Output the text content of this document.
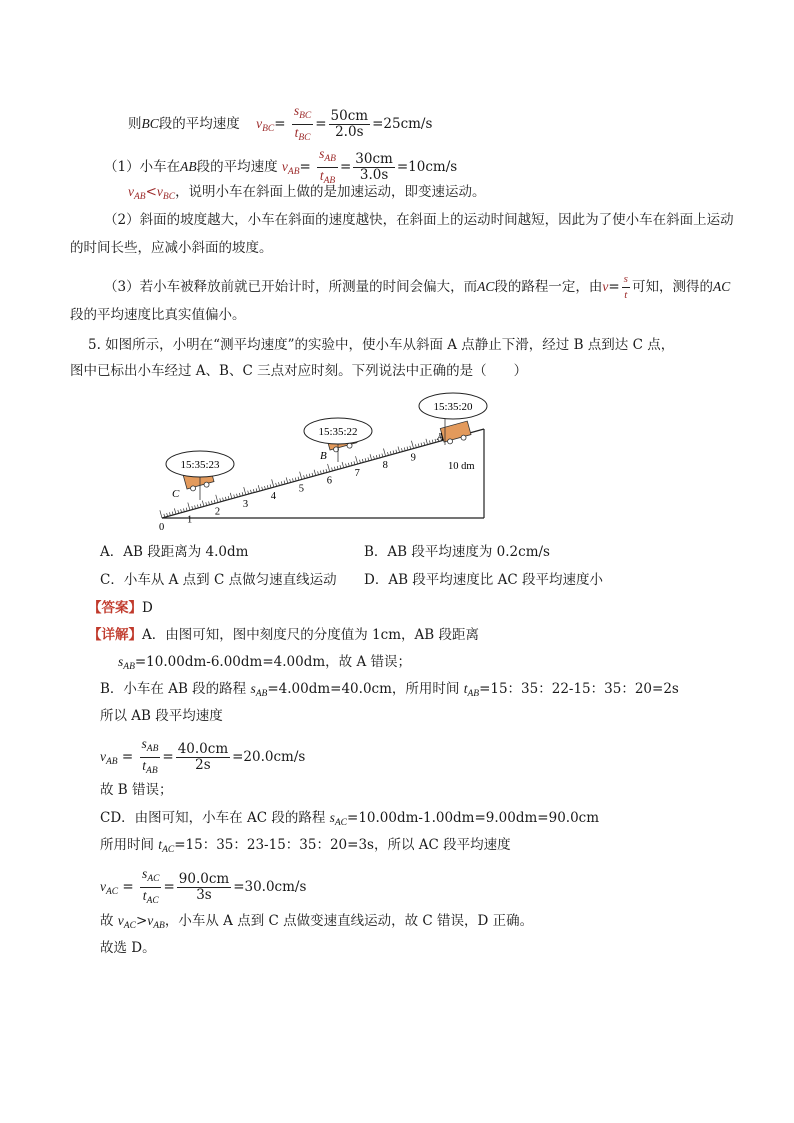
则BC段的平均速度 $v_{BC}= \frac{s_{BC}}{t_{BC}} = \frac{50cm}{2.0s} =25cm/s$
（1）小车在AB段的平均速度 $v_{AB}= \frac{s_{AB}}{t_{AB}} = \frac{30cm}{3.0s} =10cm/s$
$v_{AB}<v_{BC}$，说明小车在斜面上做的是加速运动，即变速运动。
（2）斜面的坡度越大，小车在斜面的速度越快，在斜面上的运动时间越短，因此为了使小车在斜面上运动
的时间长些，应减小斜面的坡度。
（3）若小车被释放前就已开始计时，所测量的时间会偏大，而AC段的路程一定，由$v= \frac{s}{t}$ 可知，测得的AC
段的平均速度比真实值偏小。
5. 如图所示，小明在“测平均速度”的实验中，使小车从斜面 A 点静止下滑，经过 B 点到达 C 点，
图中已标出小车经过 A、B、C 三点对应时刻。下列说法中正确的是（　　）
0
1
2
3
4
5
6
7
8
9
15:35:23
15:35:22
15:35:20
C
B
A
10 dm
A．AB 段距离为 4.0dm	B．AB 段平均速度为 0.2cm/s
C．小车从 A 点到 C 点做匀速直线运动 D．AB 段平均速度比 AC 段平均速度小
【答案】D
【详解】A．由图可知，图中刻度尺的分度值为 1cm，AB 段距离
$s_{AB}=10.00dm-6.00dm=4.00dm$，故 A 错误；
B．小车在 AB 段的路程 $s_{AB}=4.00dm=40.0cm$，所用时间 $t_{AB}=15$：35：22-15：35：20=2s
所以 AB 段平均速度
$v_{AB} = \frac{s_{AB}}{t_{AB}} = \frac{40.0cm}{2s} =20.0cm/s$
故 B 错误；
CD．由图可知，小车在 AC 段的路程 $s_{AC}=10.00dm-1.00dm=9.00dm=90.0cm$
所用时间 $t_{AC}=15$：35：23-15：35：20=3s，所以 AC 段平均速度
$v_{AC} = \frac{s_{AC}}{t_{AC}} = \frac{90.0cm}{3s} =30.0cm/s$
故 $v_{AC}>v_{AB}$，小车从 A 点到 C 点做变速直线运动，故 C 错误，D 正确。
故选 D。
